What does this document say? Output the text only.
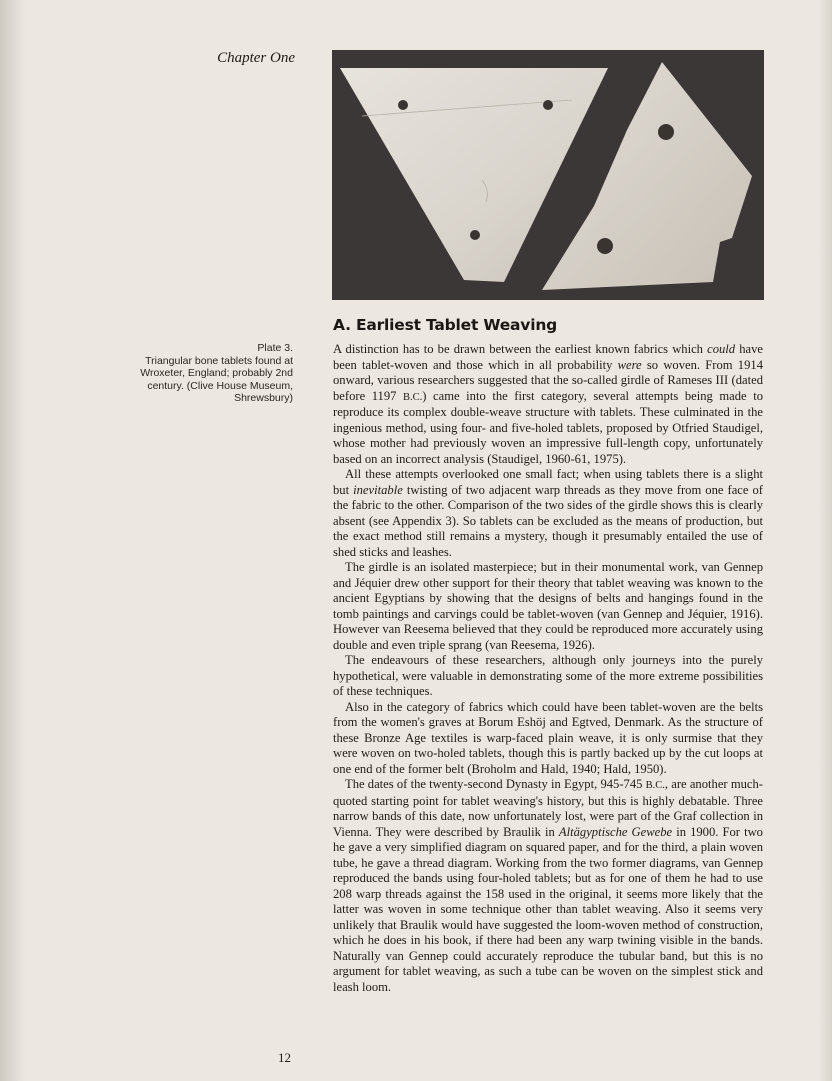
Chapter One
Plate 3.
Triangular bone tablets found at Wroxeter, England; probably 2nd century. (Clive House Museum, Shrewsbury)
A. Earliest Tablet Weaving

A distinction has to be drawn between the earliest known fabrics which could have been tablet-woven and those which in all probability were so woven. From 1914 onward, various researchers suggested that the so-called girdle of Rameses III (dated before 1197 B.C.) came into the first category, several attempts being made to reproduce its complex double-weave structure with tablets. These culminated in the ingenious method, using four- and five-holed tablets, proposed by Otfried Staudigel, whose mother had previously woven an impressive full-length copy, unfortunately based on an incorrect analysis (Staudigel, 1960-61, 1975).

All these attempts overlooked one small fact; when using tablets there is a slight but inevitable twisting of two adjacent warp threads as they move from one face of the fabric to the other. Comparison of the two sides of the girdle shows this is clearly absent (see Appendix 3). So tablets can be excluded as the means of production, but the exact method still remains a mystery, though it presumably entailed the use of shed sticks and leashes.

The girdle is an isolated masterpiece; but in their monumental work, van Gennep and Jéquier drew other support for their theory that tablet weaving was known to the ancient Egyptians by showing that the designs of belts and hangings found in the tomb paintings and carvings could be tablet-woven (van Gennep and Jéquier, 1916). However van Reesema believed that they could be reproduced more accurately using double and even triple sprang (van Reesema, 1926).

The endeavours of these researchers, although only journeys into the purely hypothetical, were valuable in demonstrating some of the more extreme possibilities of these techniques.

Also in the category of fabrics which could have been tablet-woven are the belts from the women's graves at Borum Eshöj and Egtved, Denmark. As the structure of these Bronze Age textiles is warp-faced plain weave, it is only surmise that they were woven on two-holed tablets, though this is partly backed up by the cut loops at one end of the former belt (Broholm and Hald, 1940; Hald, 1950).

The dates of the twenty-second Dynasty in Egypt, 945-745 B.C., are another much-quoted starting point for tablet weaving's history, but this is highly debatable. Three narrow bands of this date, now unfortunately lost, were part of the Graf collection in Vienna. They were described by Braulik in Altägyptische Gewebe in 1900. For two he gave a very simplified diagram on squared paper, and for the third, a plain woven tube, he gave a thread diagram. Working from the two former diagrams, van Gennep reproduced the bands using four-holed tablets; but as for one of them he had to use 208 warp threads against the 158 used in the original, it seems more likely that the latter was woven in some technique other than tablet weaving. Also it seems very unlikely that Braulik would have suggested the loom-woven method of construction, which he does in his book, if there had been any warp twining visible in the bands. Naturally van Gennep could accurately reproduce the tubular band, but this is no argument for tablet weaving, as such a tube can be woven on the simplest stick and leash loom.

12
